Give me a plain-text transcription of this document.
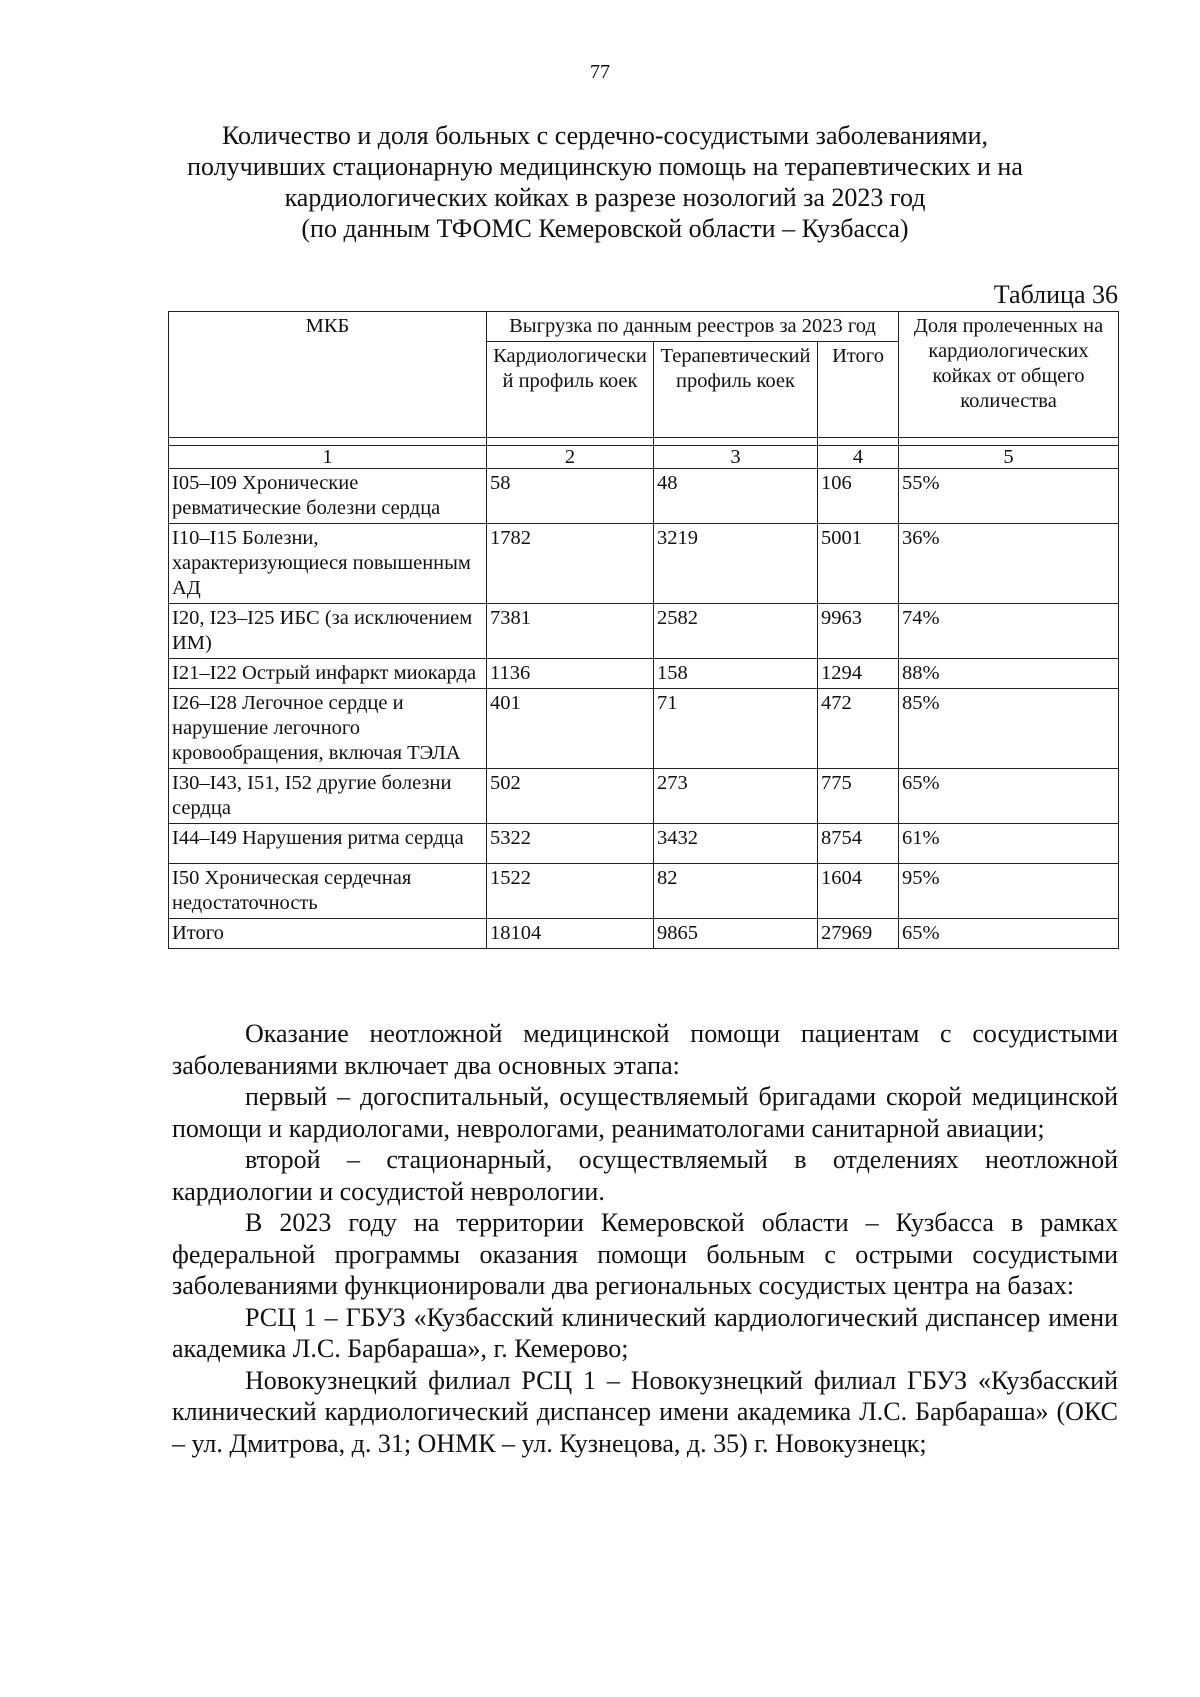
77
Количество и доля больных с сердечно-сосудистыми заболеваниями,
получивших стационарную медицинскую помощь на терапевтических и на
кардиологических койках в разрезе нозологий за 2023 год
(по данным ТФОМС Кемеровской области – Кузбасса)
Таблица 36
МКБ	Выгрузка по данным реестров за 2023 год			Доля пролеченных на кардиологических койках от общего количества
	Кардиологически й профиль коек	Терапевтический профиль коек	Итого	

1	2	3	4	5
I05–I09 Хронические ревматические болезни сердца	58	48	106	55%
I10–I15 Болезни, характеризующиеся повышенным АД	1782	3219	5001	36%
I20, I23–I25 ИБС (за исключением ИМ)	7381	2582	9963	74%
I21–I22 Острый инфаркт миокарда	1136	158	1294	88%
I26–I28 Легочное сердце и нарушение легочного кровообращения, включая ТЭЛА	401	71	472	85%
I30–I43, I51, I52 другие болезни сердца	502	273	775	65%
I44–I49 Нарушения ритма сердца	5322	3432	8754	61%
I50 Хроническая сердечная недостаточность	1522	82	1604	95%
Итого	18104	9865	27969	65%

Оказание неотложной медицинской помощи пациентам с сосудистыми заболеваниями включает два основных этапа:

первый – догоспитальный, осуществляемый бригадами скорой медицинской помощи и кардиологами, неврологами, реаниматологами санитарной авиации;

второй – стационарный, осуществляемый в отделениях неотложной кардиологии и сосудистой неврологии.

В 2023 году на территории Кемеровской области – Кузбасса в рамках федеральной программы оказания помощи больным с острыми сосудистыми заболеваниями функционировали два региональных сосудистых центра на базах:

РСЦ 1 – ГБУЗ «Кузбасский клинический кардиологический диспансер имени академика Л.С. Барбараша», г. Кемерово;

Новокузнецкий филиал РСЦ 1 – Новокузнецкий филиал ГБУЗ «Кузбасский клинический кардиологический диспансер имени академика Л.С. Барбараша» (ОКС – ул. Дмитрова, д. 31; ОНМК – ул. Кузнецова, д. 35) г. Новокузнецк;
